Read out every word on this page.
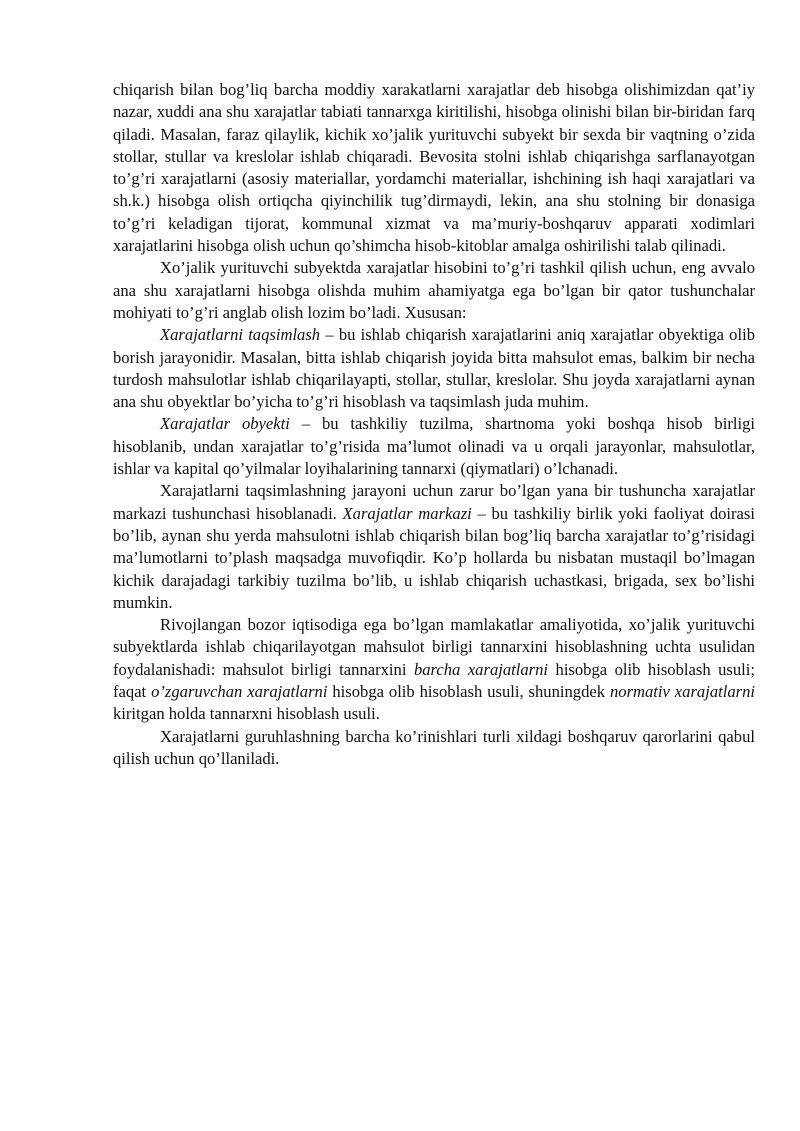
chiqarish bilan bog’liq barcha moddiy xarakatlarni xarajatlar deb hisobga olishimizdan qat’iy nazar, xuddi ana shu xarajatlar tabiati tannarxga kiritilishi, hisobga olinishi bilan bir-biridan farq qiladi. Masalan, faraz qilaylik, kichik xo’jalik yurituvchi subyekt bir sexda bir vaqtning o’zida stollar, stullar va kreslolar ishlab chiqaradi. Bevosita stolni ishlab chiqarishga sarflanayotgan to’g’ri xarajatlarni (asosiy materiallar, yordamchi materiallar, ishchining ish haqi xarajatlari va sh.k.) hisobga olish ortiqcha qiyinchilik tug’dirmaydi, lekin, ana shu stolning bir donasiga to’g’ri keladigan tijorat, kommunal xizmat va ma’muriy-boshqaruv apparati xodimlari xarajatlarini hisobga olish uchun qo’shimcha hisob-kitoblar amalga oshirilishi talab qilinadi.

Xo’jalik yurituvchi subyektda xarajatlar hisobini to’g’ri tashkil qilish uchun, eng avvalo ana shu xarajatlarni hisobga olishda muhim ahamiyatga ega bo’lgan bir qator tushunchalar mohiyati to’g’ri anglab olish lozim bo’ladi. Xususan:

Xarajatlarni taqsimlash – bu ishlab chiqarish xarajatlarini aniq xarajatlar obyektiga olib borish jarayonidir. Masalan, bitta ishlab chiqarish joyida bitta mahsulot emas, balkim bir necha turdosh mahsulotlar ishlab chiqarilayapti, stollar, stullar, kreslolar. Shu joyda xarajatlarni aynan ana shu obyektlar bo’yicha to’g’ri hisoblash va taqsimlash juda muhim.

Xarajatlar obyekti – bu tashkiliy tuzilma, shartnoma yoki boshqa hisob birligi hisoblanib, undan xarajatlar to’g’risida ma’lumot olinadi va u orqali jarayonlar, mahsulotlar, ishlar va kapital qo’yilmalar loyihalarining tannarxi (qiymatlari) o’lchanadi.

Xarajatlarni taqsimlashning jarayoni uchun zarur bo’lgan yana bir tushuncha xarajatlar markazi tushunchasi hisoblanadi. Xarajatlar markazi – bu tashkiliy birlik yoki faoliyat doirasi bo’lib, aynan shu yerda mahsulotni ishlab chiqarish bilan bog’liq barcha xarajatlar to’g’risidagi ma’lumotlarni to’plash maqsadga muvofiqdir. Ko’p hollarda bu nisbatan mustaqil bo’lmagan kichik darajadagi tarkibiy tuzilma bo’lib, u ishlab chiqarish uchastkasi, brigada, sex bo’lishi mumkin.

Rivojlangan bozor iqtisodiga ega bo’lgan mamlakatlar amaliyotida, xo’jalik yurituvchi subyektlarda ishlab chiqarilayotgan mahsulot birligi tannarxini hisoblashning uchta usulidan foydalanishadi: mahsulot birligi tannarxini barcha xarajatlarni hisobga olib hisoblash usuli; faqat o’zgaruvchan xarajatlarni hisobga olib hisoblash usuli, shuningdek normativ xarajatlarni kiritgan holda tannarxni hisoblash usuli.

Xarajatlarni guruhlashning barcha ko’rinishlari turli xildagi boshqaruv qarorlarini qabul qilish uchun qo’llaniladi.
